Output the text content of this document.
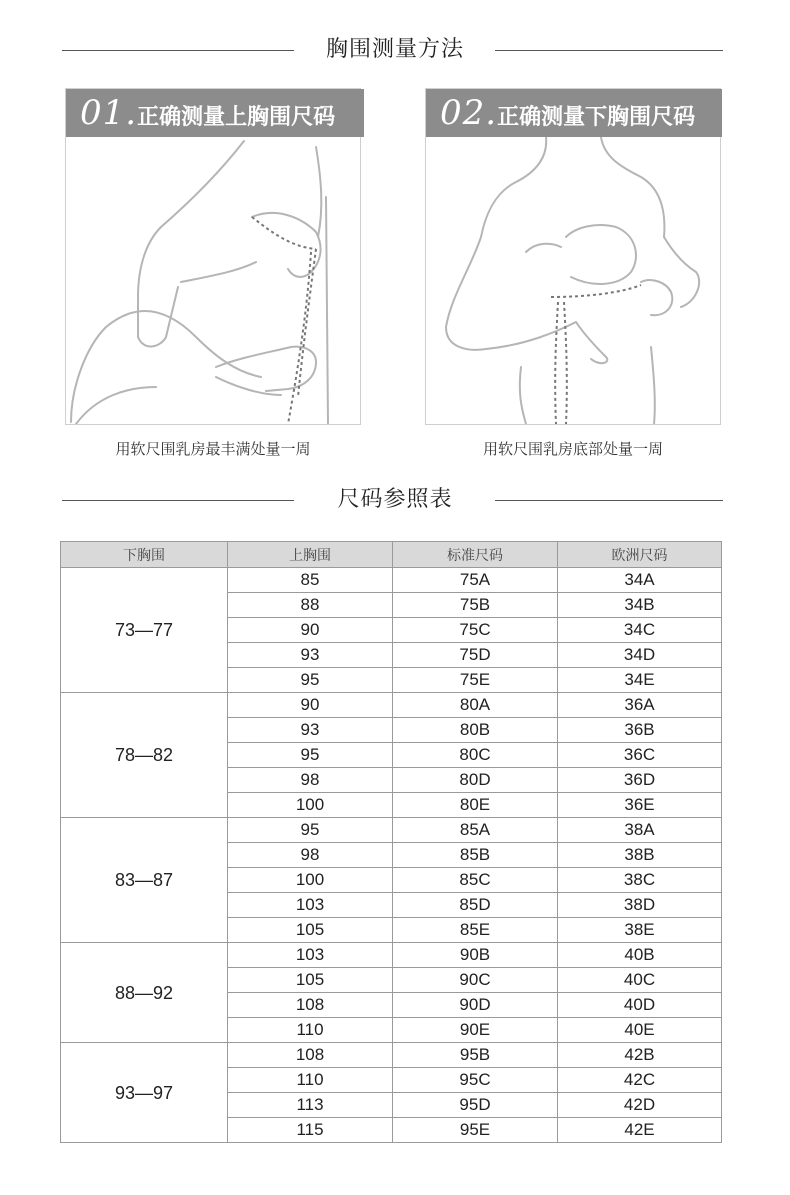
胸围测量方法
01.正确测量上胸围尺码	02.正确测量下胸围尺码
用软尺围乳房最丰满处量一周	用软尺围乳房底部处量一周
尺码参照表
下胸围	上胸围	标准尺码	欧洲尺码
73—77	85	75A	34A
	88	75B	34B
	90	75C	34C
	93	75D	34D
	95	75E	34E
78—82	90	80A	36A
	93	80B	36B
	95	80C	36C
	98	80D	36D
	100	80E	36E
83—87	95	85A	38A
	98	85B	38B
	100	85C	38C
	103	85D	38D
	105	85E	38E
88—92	103	90B	40B
	105	90C	40C
	108	90D	40D
	110	90E	40E
93—97	108	95B	42B
	110	95C	42C
	113	95D	42D
	115	95E	42E
